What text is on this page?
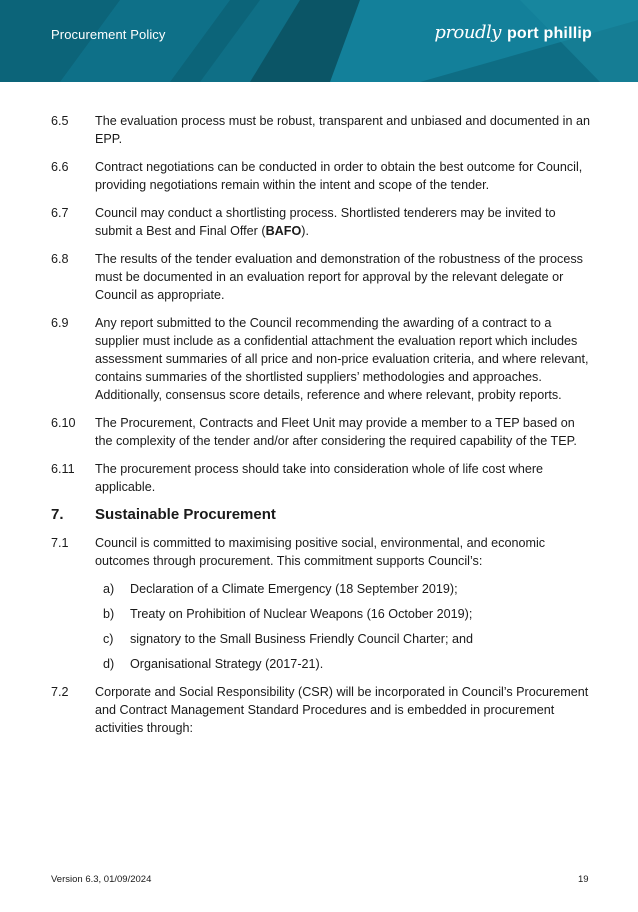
Procurement Policy	proudly port phillip
6.5 The evaluation process must be robust, transparent and unbiased and documented in an EPP.
6.6 Contract negotiations can be conducted in order to obtain the best outcome for Council, providing negotiations remain within the intent and scope of the tender.
6.7 Council may conduct a shortlisting process. Shortlisted tenderers may be invited to submit a Best and Final Offer (BAFO).
6.8 The results of the tender evaluation and demonstration of the robustness of the process must be documented in an evaluation report for approval by the relevant delegate or Council as appropriate.
6.9 Any report submitted to the Council recommending the awarding of a contract to a supplier must include as a confidential attachment the evaluation report which includes assessment summaries of all price and non-price evaluation criteria, and where relevant, contains summaries of the shortlisted suppliers’ methodologies and approaches. Additionally, consensus score details, reference and where relevant, probity reports.
6.10 The Procurement, Contracts and Fleet Unit may provide a member to a TEP based on the complexity of the tender and/or after considering the required capability of the TEP.
6.11 The procurement process should take into consideration whole of life cost where applicable.
7. Sustainable Procurement
7.1 Council is committed to maximising positive social, environmental, and economic outcomes through procurement. This commitment supports Council’s:
a) Declaration of a Climate Emergency (18 September 2019);
b) Treaty on Prohibition of Nuclear Weapons (16 October 2019);
c) signatory to the Small Business Friendly Council Charter; and
d) Organisational Strategy (2017-21).
7.2 Corporate and Social Responsibility (CSR) will be incorporated in Council’s Procurement and Contract Management Standard Procedures and is embedded in procurement activities through:
Version 6.3, 01/09/2024	19
